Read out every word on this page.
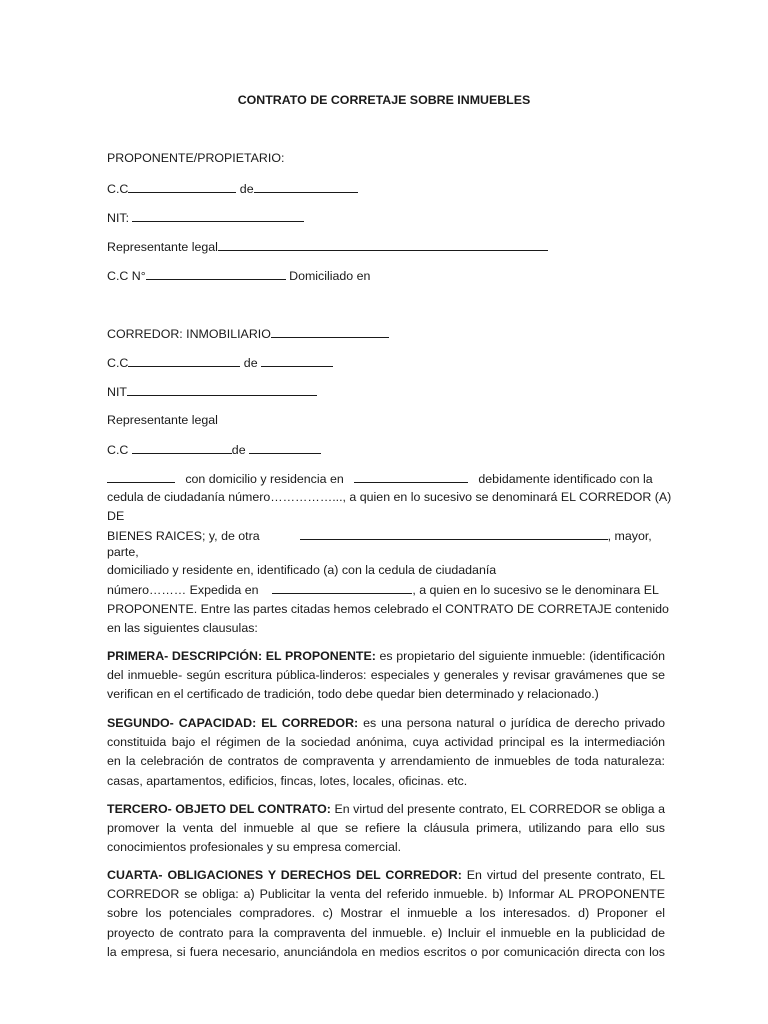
CONTRATO DE CORRETAJE SOBRE INMUEBLES
PROPONENTE/PROPIETARIO:
C.C	de
NIT:
Representante legal
C.C N°	Domiciliado en
CORREDOR: INMOBILIARIO
C.C	de
NIT
Representante legal
C.C	de
con domicilio y residencia en	debidamente identificado con la
cedula de ciudadanía número……………..., a quien en lo sucesivo se denominará EL CORREDOR (A)
DE
BIENES RAICES; y, de otra	, mayor,
parte,
domiciliado y residente en, identificado (a) con la cedula de ciudadanía
número……… Expedida en	, a quien en lo sucesivo se le denominara EL
PROPONENTE. Entre las partes citadas hemos celebrado el CONTRATO DE CORRETAJE contenido
en las siguientes clausulas:
PRIMERA- DESCRIPCIÓN: EL PROPONENTE: es propietario del siguiente inmueble: (identificación
del inmueble- según escritura pública-linderos: especiales y generales y revisar gravámenes que se
verifican en el certificado de tradición, todo debe quedar bien determinado y relacionado.)
SEGUNDO- CAPACIDAD: EL CORREDOR: es una persona natural o jurídica de derecho privado
constituida bajo el régimen de la sociedad anónima, cuya actividad principal es la intermediación
en la celebración de contratos de compraventa y arrendamiento de inmuebles de toda naturaleza:
casas, apartamentos, edificios, fincas, lotes, locales, oficinas. etc.
TERCERO- OBJETO DEL CONTRATO: En virtud del presente contrato, EL CORREDOR se obliga a
promover la venta del inmueble al que se refiere la cláusula primera, utilizando para ello sus
conocimientos profesionales y su empresa comercial.
CUARTA- OBLIGACIONES Y DERECHOS DEL CORREDOR: En virtud del presente contrato, EL
CORREDOR se obliga: a) Publicitar la venta del referido inmueble. b) Informar AL PROPONENTE
sobre los potenciales compradores. c) Mostrar el inmueble a los interesados. d) Proponer el
proyecto de contrato para la compraventa del inmueble. e) Incluir el inmueble en la publicidad de
la empresa, si fuera necesario, anunciándola en medios escritos o por comunicación directa con los
